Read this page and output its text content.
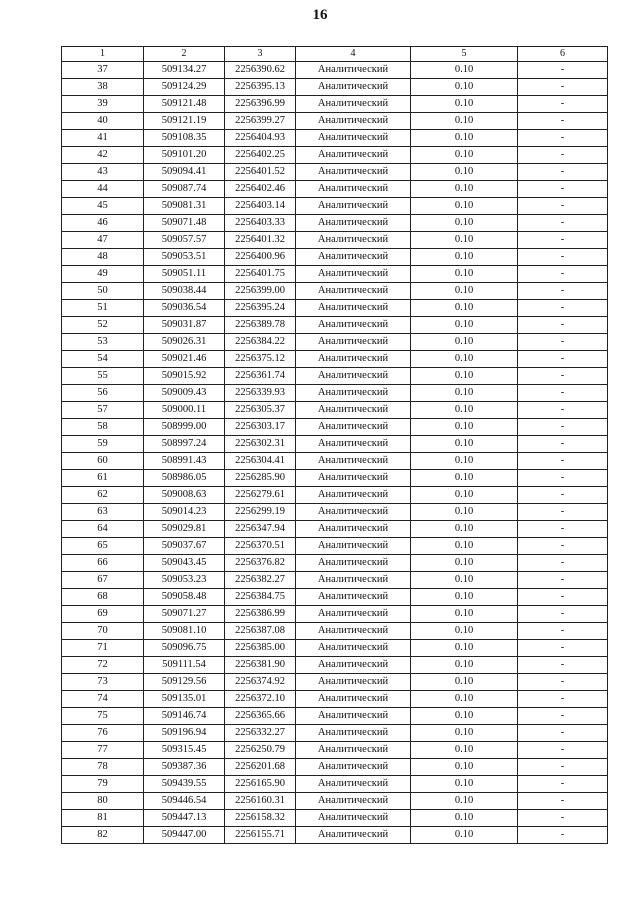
16
1	2	3	4	5	6
37	509134.27	2256390.62	Аналитический	0.10	-
38	509124.29	2256395.13	Аналитический	0.10	-
39	509121.48	2256396.99	Аналитический	0.10	-
40	509121.19	2256399.27	Аналитический	0.10	-
41	509108.35	2256404.93	Аналитический	0.10	-
42	509101.20	2256402.25	Аналитический	0.10	-
43	509094.41	2256401.52	Аналитический	0.10	-
44	509087.74	2256402.46	Аналитический	0.10	-
45	509081.31	2256403.14	Аналитический	0.10	-
46	509071.48	2256403.33	Аналитический	0.10	-
47	509057.57	2256401.32	Аналитический	0.10	-
48	509053.51	2256400.96	Аналитический	0.10	-
49	509051.11	2256401.75	Аналитический	0.10	-
50	509038.44	2256399.00	Аналитический	0.10	-
51	509036.54	2256395.24	Аналитический	0.10	-
52	509031.87	2256389.78	Аналитический	0.10	-
53	509026.31	2256384.22	Аналитический	0.10	-
54	509021.46	2256375.12	Аналитический	0.10	-
55	509015.92	2256361.74	Аналитический	0.10	-
56	509009.43	2256339.93	Аналитический	0.10	-
57	509000.11	2256305.37	Аналитический	0.10	-
58	508999.00	2256303.17	Аналитический	0.10	-
59	508997.24	2256302.31	Аналитический	0.10	-
60	508991.43	2256304.41	Аналитический	0.10	-
61	508986.05	2256285.90	Аналитический	0.10	-
62	509008.63	2256279.61	Аналитический	0.10	-
63	509014.23	2256299.19	Аналитический	0.10	-
64	509029.81	2256347.94	Аналитический	0.10	-
65	509037.67	2256370.51	Аналитический	0.10	-
66	509043.45	2256376.82	Аналитический	0.10	-
67	509053.23	2256382.27	Аналитический	0.10	-
68	509058.48	2256384.75	Аналитический	0.10	-
69	509071.27	2256386.99	Аналитический	0.10	-
70	509081.10	2256387.08	Аналитический	0.10	-
71	509096.75	2256385.00	Аналитический	0.10	-
72	509111.54	2256381.90	Аналитический	0.10	-
73	509129.56	2256374.92	Аналитический	0.10	-
74	509135.01	2256372.10	Аналитический	0.10	-
75	509146.74	2256365.66	Аналитический	0.10	-
76	509196.94	2256332.27	Аналитический	0.10	-
77	509315.45	2256250.79	Аналитический	0.10	-
78	509387.36	2256201.68	Аналитический	0.10	-
79	509439.55	2256165.90	Аналитический	0.10	-
80	509446.54	2256160.31	Аналитический	0.10	-
81	509447.13	2256158.32	Аналитический	0.10	-
82	509447.00	2256155.71	Аналитический	0.10	-
